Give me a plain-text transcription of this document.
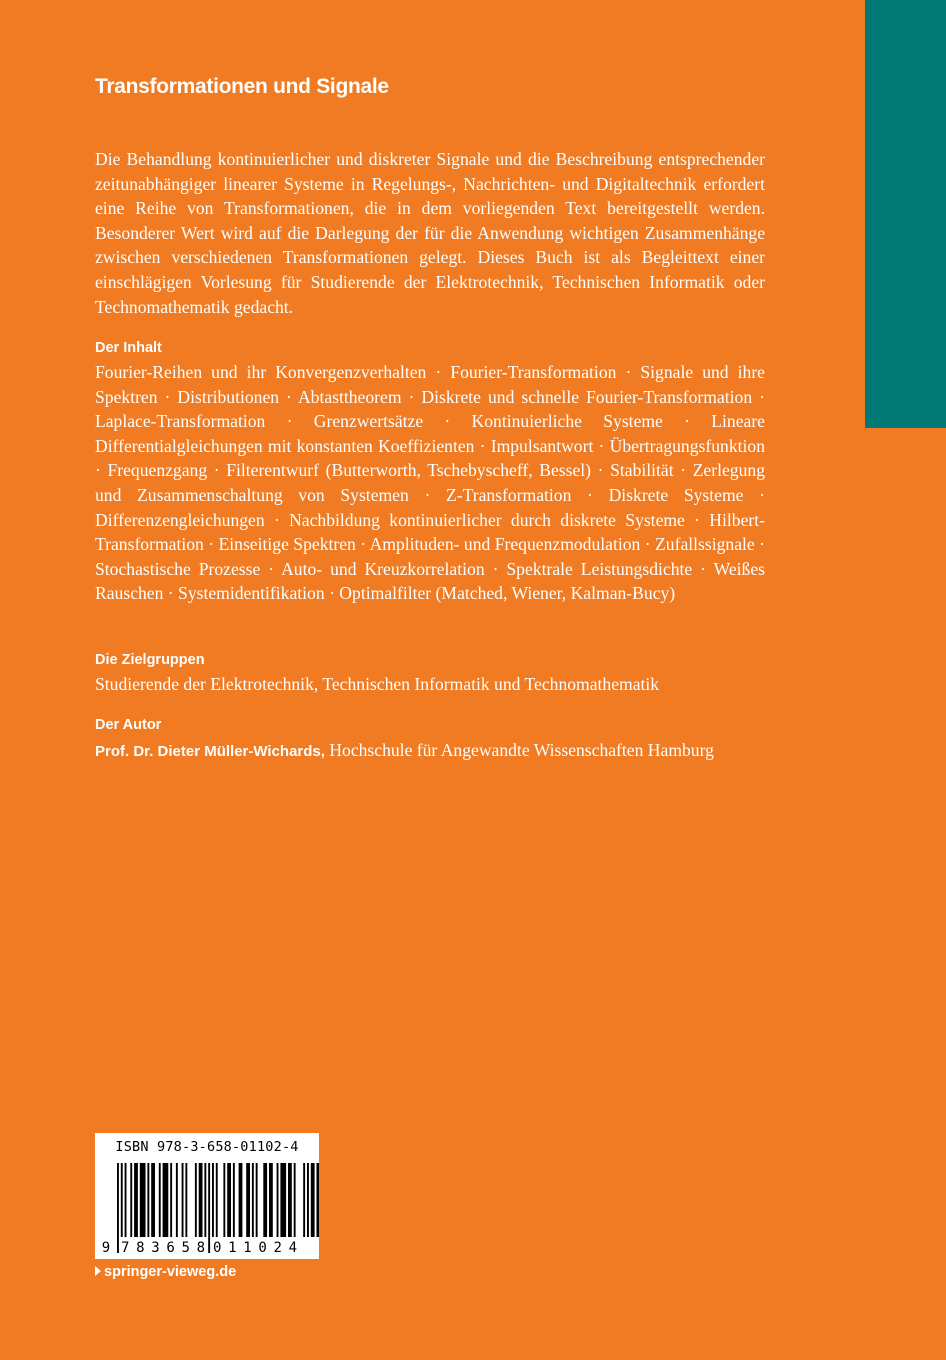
Transformationen und Signale
Die Behandlung kontinuierlicher und diskreter Signale und die Beschreibung entsprechender zeitunabhängiger linearer Systeme in Regelungs-, Nachrichten- und Digitaltechnik erfordert eine Reihe von Transformationen, die in dem vorliegenden Text bereitgestellt werden. Besonderer Wert wird auf die Darlegung der für die Anwendung wichtigen Zusammenhänge zwischen verschiedenen Transformationen gelegt. Dieses Buch ist als Begleittext einer einschlägigen Vorlesung für Studierende der Elektrotechnik, Technischen Informatik oder Technomathematik gedacht.
Der Inhalt
Fourier-Reihen und ihr Konvergenzverhalten · Fourier-Transformation · Signale und ihre Spektren · Distributionen · Abtasttheorem · Diskrete und schnelle Fourier-Transformation · Laplace-Transformation · Grenzwertsätze · Kontinuierliche Systeme · Lineare Differentialgleichungen mit konstanten Koeffizienten · Impulsantwort · Übertragungsfunktion · Frequenzgang · Filterentwurf (Butterworth, Tschebyscheff, Bessel) · Stabilität · Zerlegung und Zusammenschaltung von Systemen · Z-Transformation · Diskrete Systeme · Differenzengleichungen · Nachbildung kontinuierlicher durch diskrete Systeme · Hilbert-Transformation · Einseitige Spektren · Amplituden- und Frequenzmodulation · Zufallssignale · Stochastische Prozesse · Auto- und Kreuzkorrelation · Spektrale Leistungsdichte · Weißes Rauschen · Systemidentifikation · Optimalfilter (Matched, Wiener, Kalman-Bucy)
Die Zielgruppen
Studierende der Elektrotechnik, Technischen Informatik und Technomathematik
Der Autor
Prof. Dr. Dieter Müller-Wichards, Hochschule für Angewandte Wissenschaften Hamburg
ISBN 978-3-658-01102-4
9 783658 011024
springer-vieweg.de
